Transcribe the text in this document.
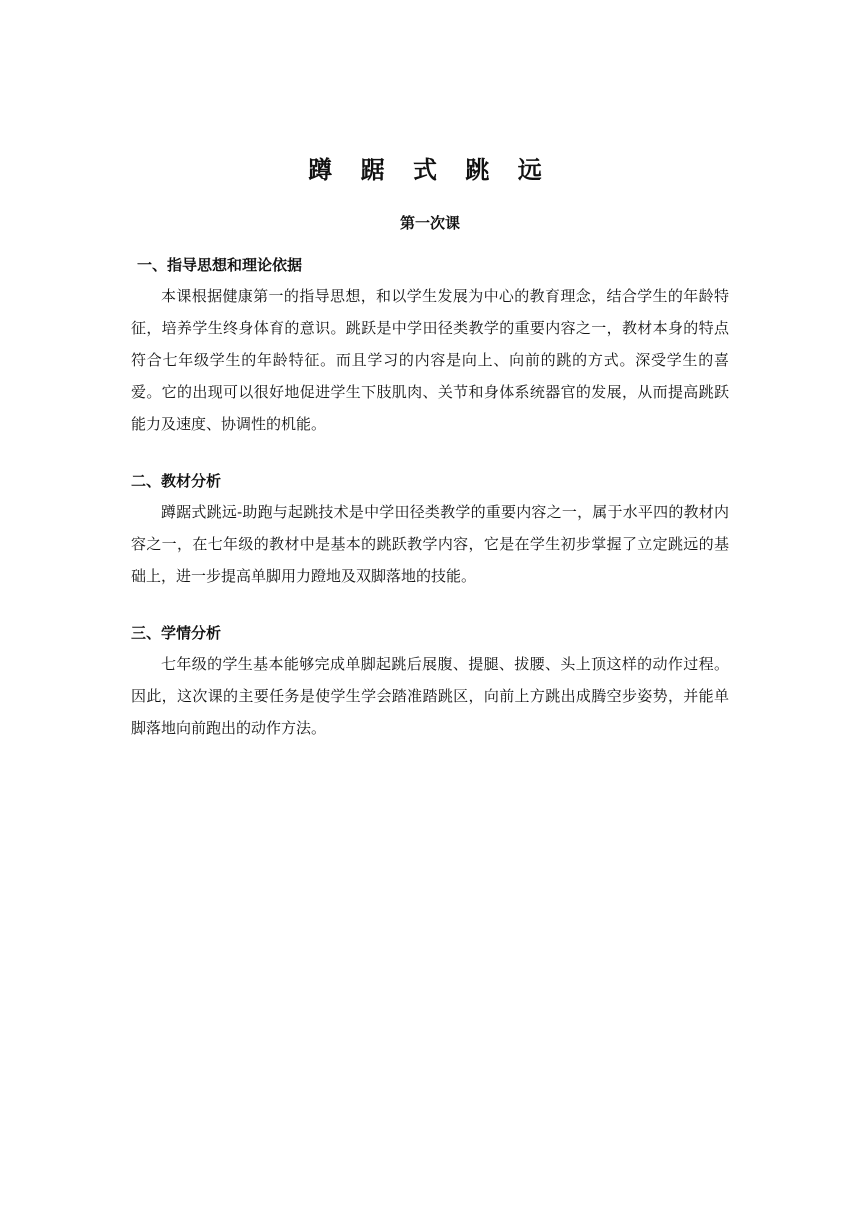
蹲 踞 式 跳 远
第一次课
一、指导思想和理论依据

本课根据健康第一的指导思想，和以学生发展为中心的教育理念，结合学生的年龄特征，培养学生终身体育的意识。跳跃是中学田径类教学的重要内容之一，教材本身的特点符合七年级学生的年龄特征。而且学习的内容是向上、向前的跳的方式。深受学生的喜爱。它的出现可以很好地促进学生下肢肌肉、关节和身体系统器官的发展，从而提高跳跃能力及速度、协调性的机能。

二、教材分析

蹲踞式跳远-助跑与起跳技术是中学田径类教学的重要内容之一，属于水平四的教材内容之一，在七年级的教材中是基本的跳跃教学内容，它是在学生初步掌握了立定跳远的基础上，进一步提高单脚用力蹬地及双脚落地的技能。

三、学情分析

七年级的学生基本能够完成单脚起跳后展腹、提腿、拔腰、头上顶这样的动作过程。因此，这次课的主要任务是使学生学会踏准踏跳区，向前上方跳出成腾空步姿势，并能单脚落地向前跑出的动作方法。
